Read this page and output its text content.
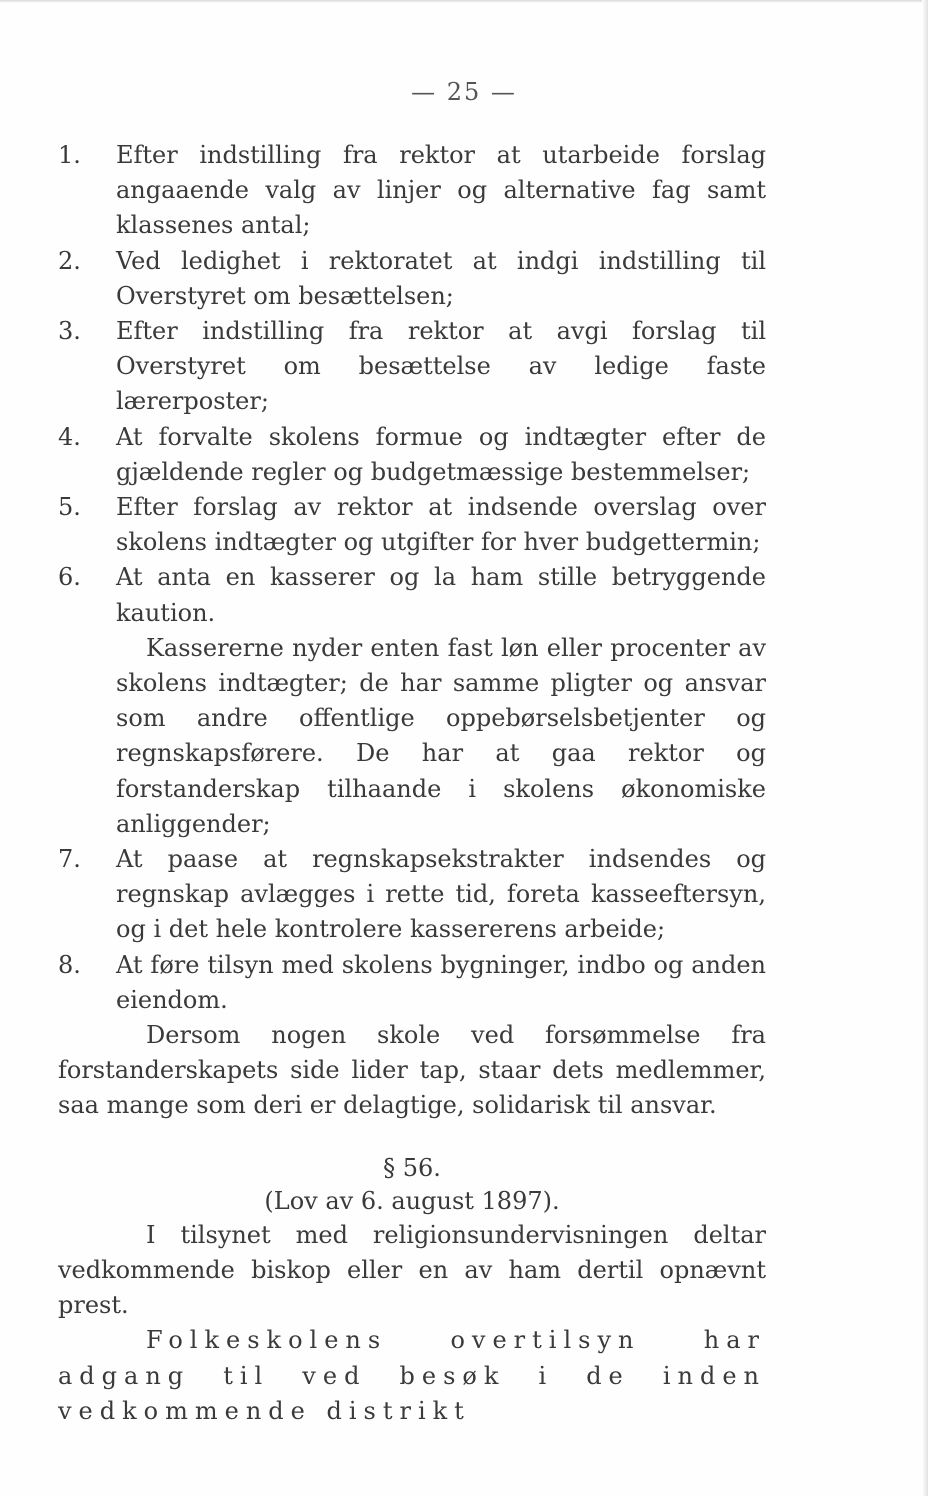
— 25 —
1.	Efter indstilling fra rektor at utarbeide forslag angaaende valg av linjer og alternative fag samt klassenes antal;
2.	Ved ledighet i rektoratet at indgi indstilling til Overstyret om besættelsen;
3.	Efter indstilling fra rektor at avgi forslag til Overstyret om besættelse av ledige faste lærerposter;
4.	At forvalte skolens formue og indtægter efter de gjældende regler og budgetmæssige bestemmelser;
5.	Efter forslag av rektor at indsende overslag over skolens indtægter og utgifter for hver budgettermin;
6.	At anta en kasserer og la ham stille betryggende kaution.
Kassererne nyder enten fast løn eller procenter av skolens indtægter; de har samme pligter og ansvar som andre offentlige oppebørselsbetjenter og regnskapsførere. De har at gaa rektor og forstanderskap tilhaande i skolens økonomiske anliggender;
7.	At paase at regnskapsekstrakter indsendes og regnskap avlægges i rette tid, foreta kasseeftersyn, og i det hele kontrolere kassererens arbeide;
8.	At føre tilsyn med skolens bygninger, indbo og anden eiendom.
Dersom nogen skole ved forsømmelse fra forstanderskapets side lider tap, staar dets medlemmer, saa mange som deri er delagtige, solidarisk til ansvar.
§ 56.
(Lov av 6. august 1897).
I tilsynet med religionsundervisningen deltar vedkommende biskop eller en av ham dertil opnævnt prest.
Folkeskolens overtilsyn har adgang til ved besøk i de inden vedkommende distrikt
